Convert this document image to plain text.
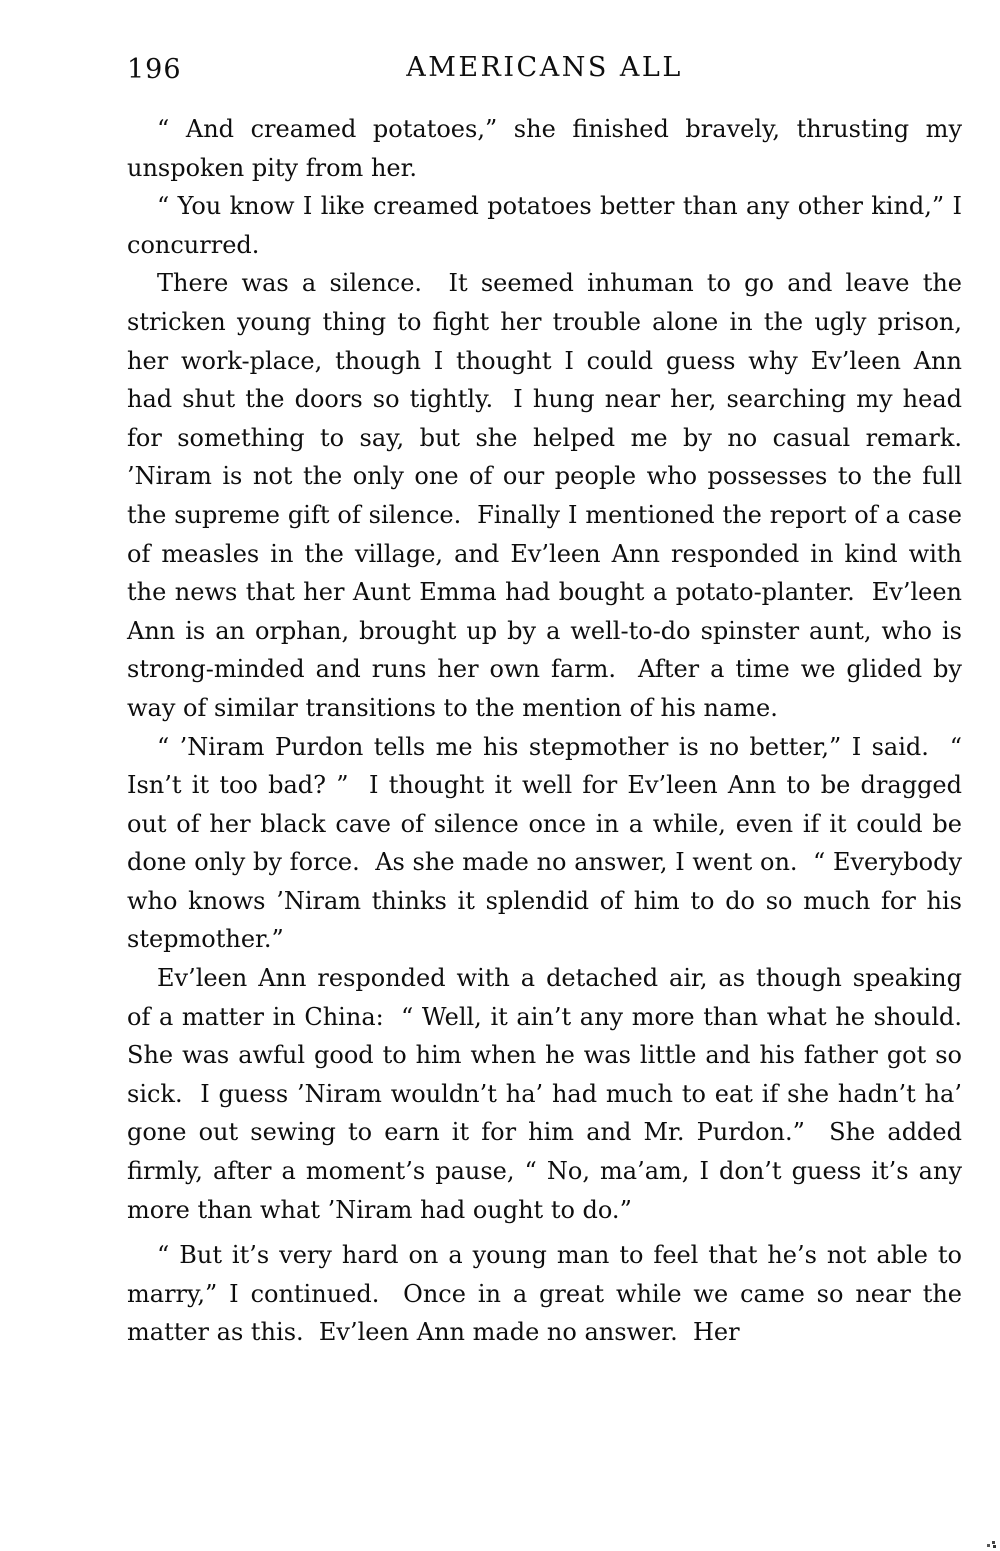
196	AMERICANS ALL

“ And creamed potatoes,” she finished bravely, thrusting my unspoken pity from her.

“ You know I like creamed potatoes better than any other kind,” I concurred.

There was a silence.  It seemed inhuman to go and leave the stricken young thing to fight her trouble alone in the ugly prison, her work-place, though I thought I could guess why Ev’leen Ann had shut the doors so tightly.  I hung near her, searching my head for something to say, but she helped me by no casual remark.  ’Niram is not the only one of our people who possesses to the full the supreme gift of silence.  Finally I mentioned the report of a case of measles in the village, and Ev’leen Ann responded in kind with the news that her Aunt Emma had bought a potato-planter.  Ev’leen Ann is an orphan, brought up by a well-to-do spinster aunt, who is strong-minded and runs her own farm.  After a time we glided by way of similar transitions to the mention of his name.

“ ’Niram Purdon tells me his stepmother is no better,” I said.  “ Isn’t it too bad? ”  I thought it well for Ev’leen Ann to be dragged out of her black cave of silence once in a while, even if it could be done only by force.  As she made no answer, I went on.  “ Everybody who knows ’Niram thinks it splendid of him to do so much for his stepmother.”

Ev’leen Ann responded with a detached air, as though speaking of a matter in China:  “ Well, it ain’t any more than what he should.  She was awful good to him when he was little and his father got so sick.  I guess ’Niram wouldn’t ha’ had much to eat if she hadn’t ha’ gone out sewing to earn it for him and Mr. Purdon.”  She added firmly, after a moment’s pause, “ No, ma’am, I don’t guess it’s any more than what ’Niram had ought to do.”

“ But it’s very hard on a young man to feel that he’s not able to marry,” I continued.  Once in a great while we came so near the matter as this.  Ev’leen Ann made no answer.  Her
